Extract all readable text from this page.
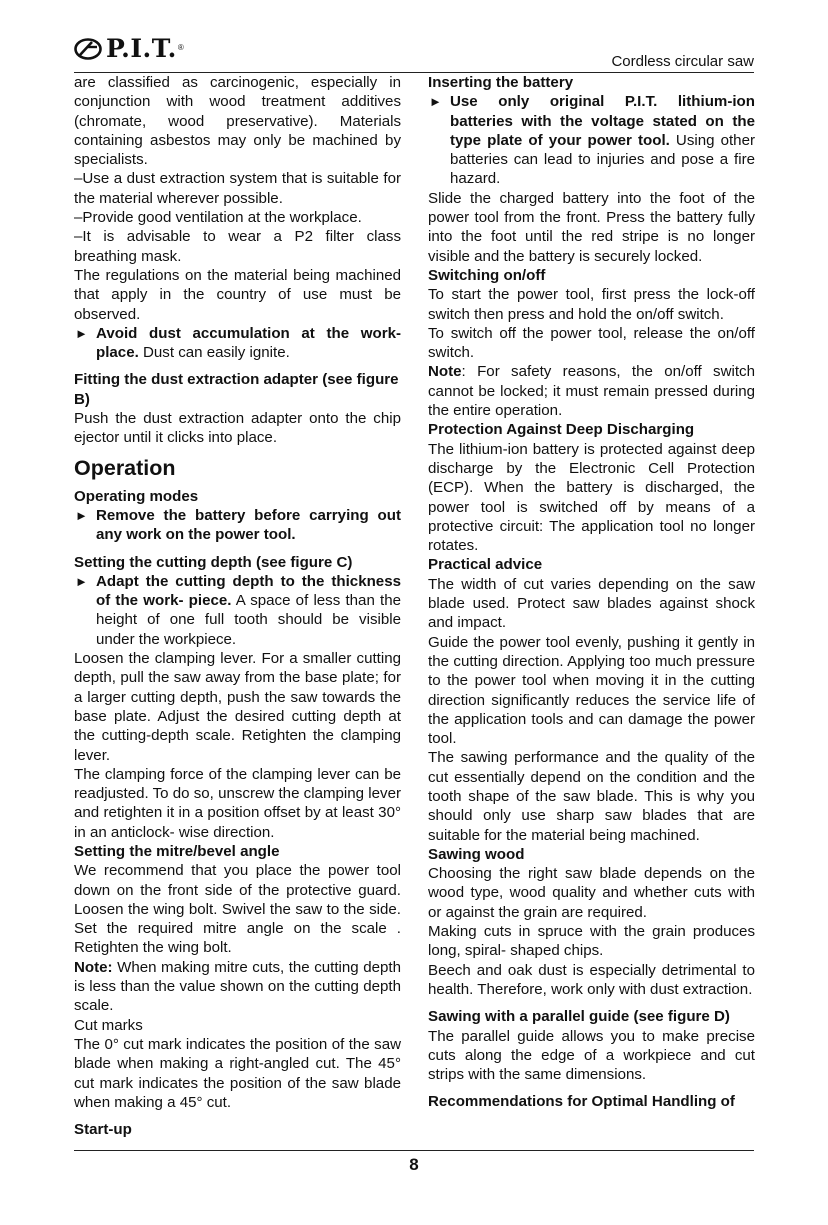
P.I.T. ®
Cordless circular saw

are classified as carcinogenic, especially in conjunction with wood treatment additives (chromate, wood preservative). Materials containing asbestos may only be machined by specialists.

–Use a dust extraction system that is suitable for the material wherever possible.

–Provide good ventilation at the workplace.

–It is advisable to wear a P2 filter class breathing mask.

The regulations on the material being machined that apply in the country of use must be observed.

► Avoid dust accumulation at the work-place. Dust can easily ignite.

Fitting the dust extraction adapter (see figure B)

Push the dust extraction adapter onto the chip ejector until it clicks into place.

Operation
Operating modes

► Remove the battery before carrying out any work on the power tool.

Setting the cutting depth (see figure C)

► Adapt the cutting depth to the thickness of the work- piece. A space of less than the height of one full tooth should be visible under the workpiece.

Loosen the clamping lever. For a smaller cutting depth, pull the saw away from the base plate; for a larger cutting depth, push the saw towards the base plate. Adjust the desired cutting depth at the cutting-depth scale. Retighten the clamping lever.

The clamping force of the clamping lever can be readjusted. To do so, unscrew the clamping lever and retighten it in a position offset by at least 30° in an anticlock- wise direction.

Setting the mitre/bevel angle

We recommend that you place the power tool down on the front side of the protective guard. Loosen the wing bolt. Swivel the saw to the side. Set the required mitre angle on the scale . Retighten the wing bolt.

Note: When making mitre cuts, the cutting depth is less than the value shown on the cutting depth scale.

Cut marks

The 0° cut mark indicates the position of the saw blade when making a right-angled cut. The 45° cut mark indicates the position of the saw blade when making a 45° cut.

Start-up
Inserting the battery

► Use only original P.I.T. lithium-ion batteries with the voltage stated on the type plate of your power tool. Using other batteries can lead to injuries and pose a fire hazard.

Slide the charged battery into the foot of the power tool from the front. Press the battery fully into the foot until the red stripe is no longer visible and the battery is securely locked.

Switching on/off

To start the power tool, first press the lock-off switch then press and hold the on/off switch.

To switch off the power tool, release the on/off switch.

Note: For safety reasons, the on/off switch cannot be locked; it must remain pressed during the entire operation.

Protection Against Deep Discharging

The lithium-ion battery is protected against deep discharge by the Electronic Cell Protection (ECP). When the battery is discharged, the power tool is switched off by means of a protective circuit: The application tool no longer rotates.

Practical advice

The width of cut varies depending on the saw blade used. Protect saw blades against shock and impact.

Guide the power tool evenly, pushing it gently in the cutting direction. Applying too much pressure to the power tool when moving it in the cutting direction significantly reduces the service life of the application tools and can damage the power tool.

The sawing performance and the quality of the cut essentially depend on the condition and the tooth shape of the saw blade. This is why you should only use sharp saw blades that are suitable for the material being machined.

Sawing wood

Choosing the right saw blade depends on the wood type, wood quality and whether cuts with or against the grain are required.

Making cuts in spruce with the grain produces long, spiral- shaped chips.

Beech and oak dust is especially detrimental to health. Therefore, work only with dust extraction.

Sawing with a parallel guide (see figure D)

The parallel guide allows you to make precise cuts along the edge of a workpiece and cut strips with the same dimensions.

Recommendations for Optimal Handling of
8
